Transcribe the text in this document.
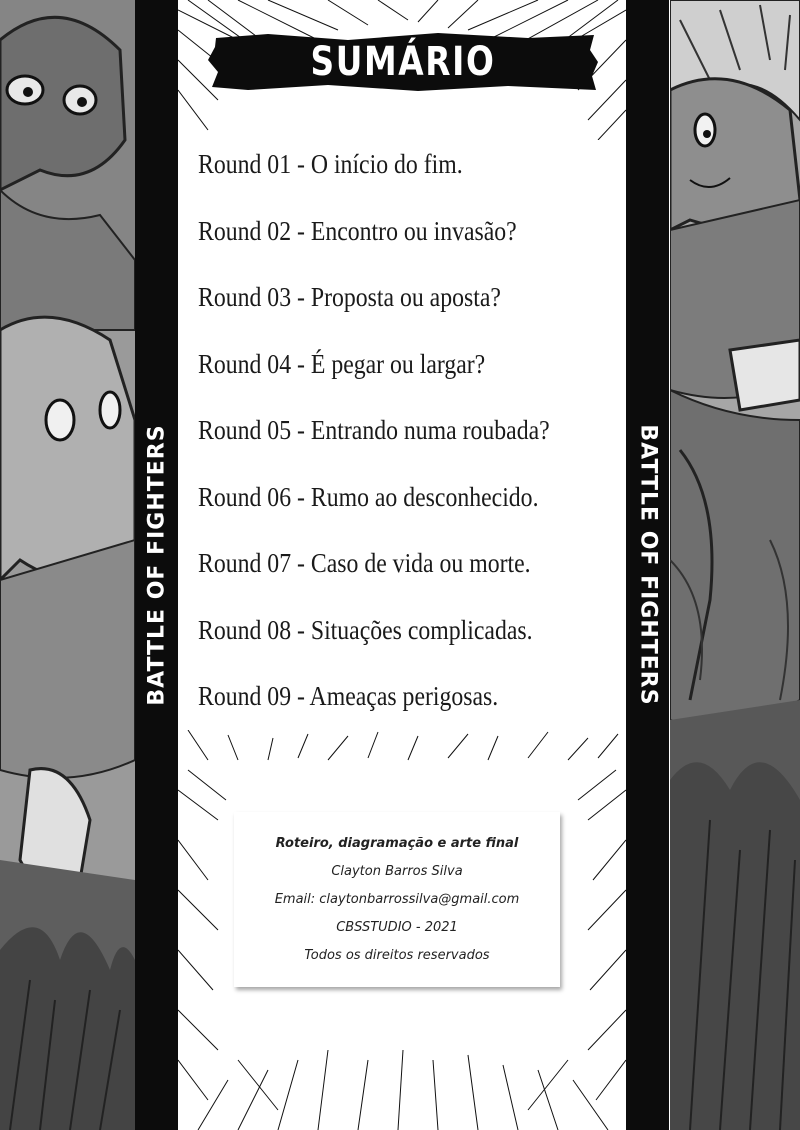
BATTLE OF FIGHTERS
SUMÁRIO
Round 01 - O início do fim.
Round 02 - Encontro ou invasão?
Round 03 - Proposta ou aposta?
Round 04 - É pegar ou largar?
Round 05 - Entrando numa roubada?
Round 06 - Rumo ao desconhecido.
Round 07 - Caso de vida ou morte.
Round 08 - Situações complicadas.
Round 09 - Ameaças perigosas.
Roteiro, diagramação e arte final
Clayton Barros Silva
Email: claytonbarrossilva@gmail.com
CBSSTUDIO - 2021
Todos os direitos reservados
BATTLE OF FIGHTERS
